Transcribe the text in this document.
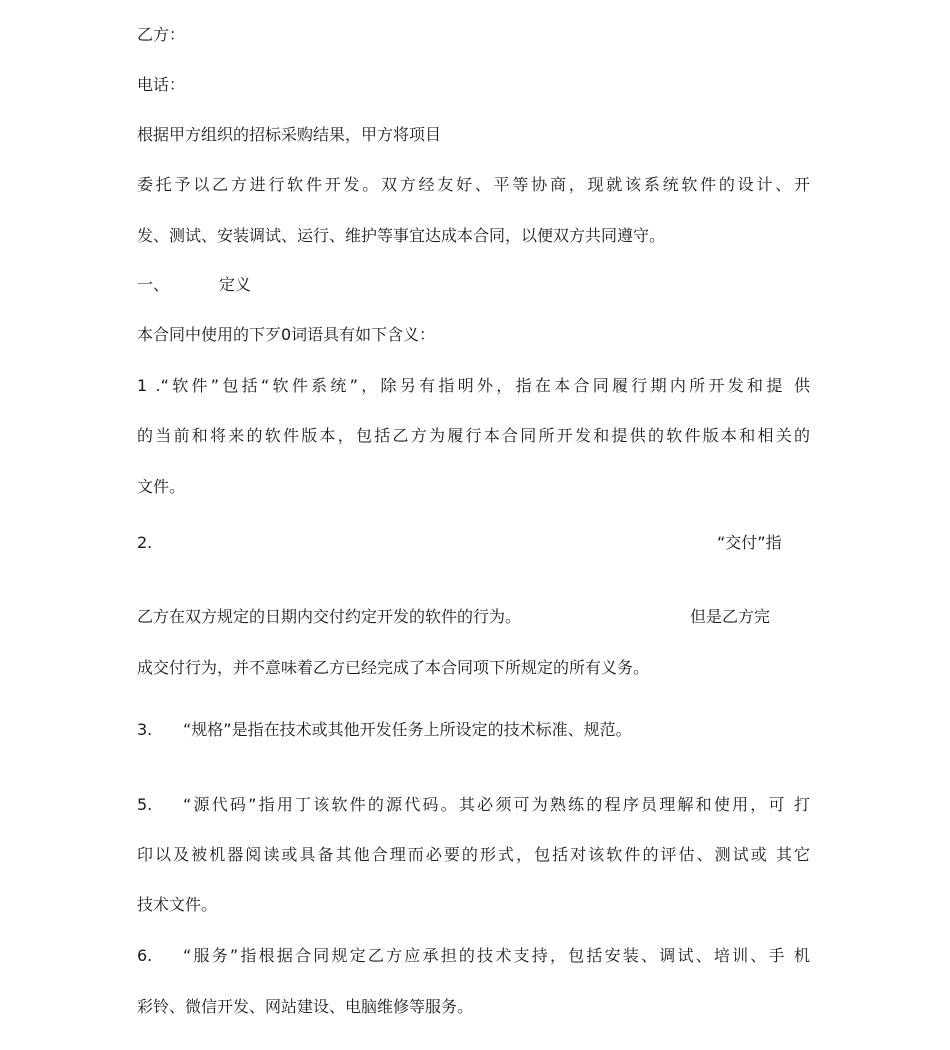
乙方：
电话：
根据甲方组织的招标采购结果，甲方将项目
委托予以乙方进行软件开发。双方经友好、平等协商，现就该系统软件的设计、开
发、测试、安装调试、运行、维护等事宜达成本合同，以便双方共同遵守。
一、	定义
本合同中使用的下歹0词语具有如下含义：
1 .“软件”包括“软件系统”，除另有指明外，指在本合同履行期内所开发和提 供
的当前和将来的软件版本，包括乙方为履行本合同所开发和提供的软件版本和相关的
文件。
2.	“交付”指
乙方在双方规定的日期内交付约定开发的软件的行为。	但是乙方完
成交付行为，并不意味着乙方已经完成了本合同项下所规定的所有义务。
3. “规格”是指在技术或其他开发任务上所设定的技术标准、规范。
5. “源代码”指用丁该软件的源代码。其必须可为熟练的程序员理解和使用，可 打
印以及被机器阅读或具备其他合理而必要的形式，包括对该软件的评估、测试或 其它
技术文件。
6. “服务”指根据合同规定乙方应承担的技术支持，包括安装、调试、培训、手 机
彩铃、微信开发、网站建设、电脑维修等服务。
